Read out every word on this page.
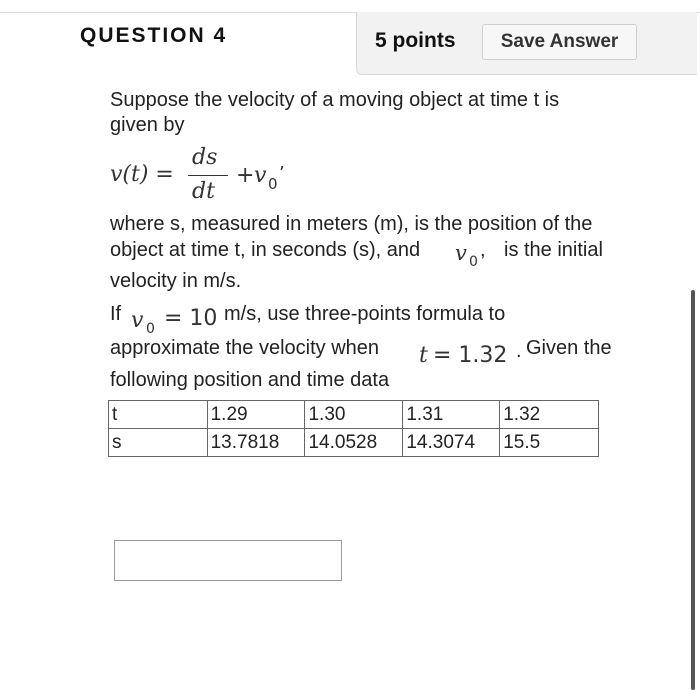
QUESTION 4	5 points	Save Answer
Suppose the velocity of a moving object at time t is
given by
v(t) =
ds
dt
+ v 0 ’
where s, measured in meters (m), is the position of the
object at time t, in seconds (s), and v 0
, is the initial
velocity in m/s.
If v 0 = 10 m/s, use three-points formula to
approximate the velocity when t = 1.32 . Given the
following position and time data
t	1.29	1.30	1.31	1.32
s	13.7818	14.0528	14.3074	15.5
